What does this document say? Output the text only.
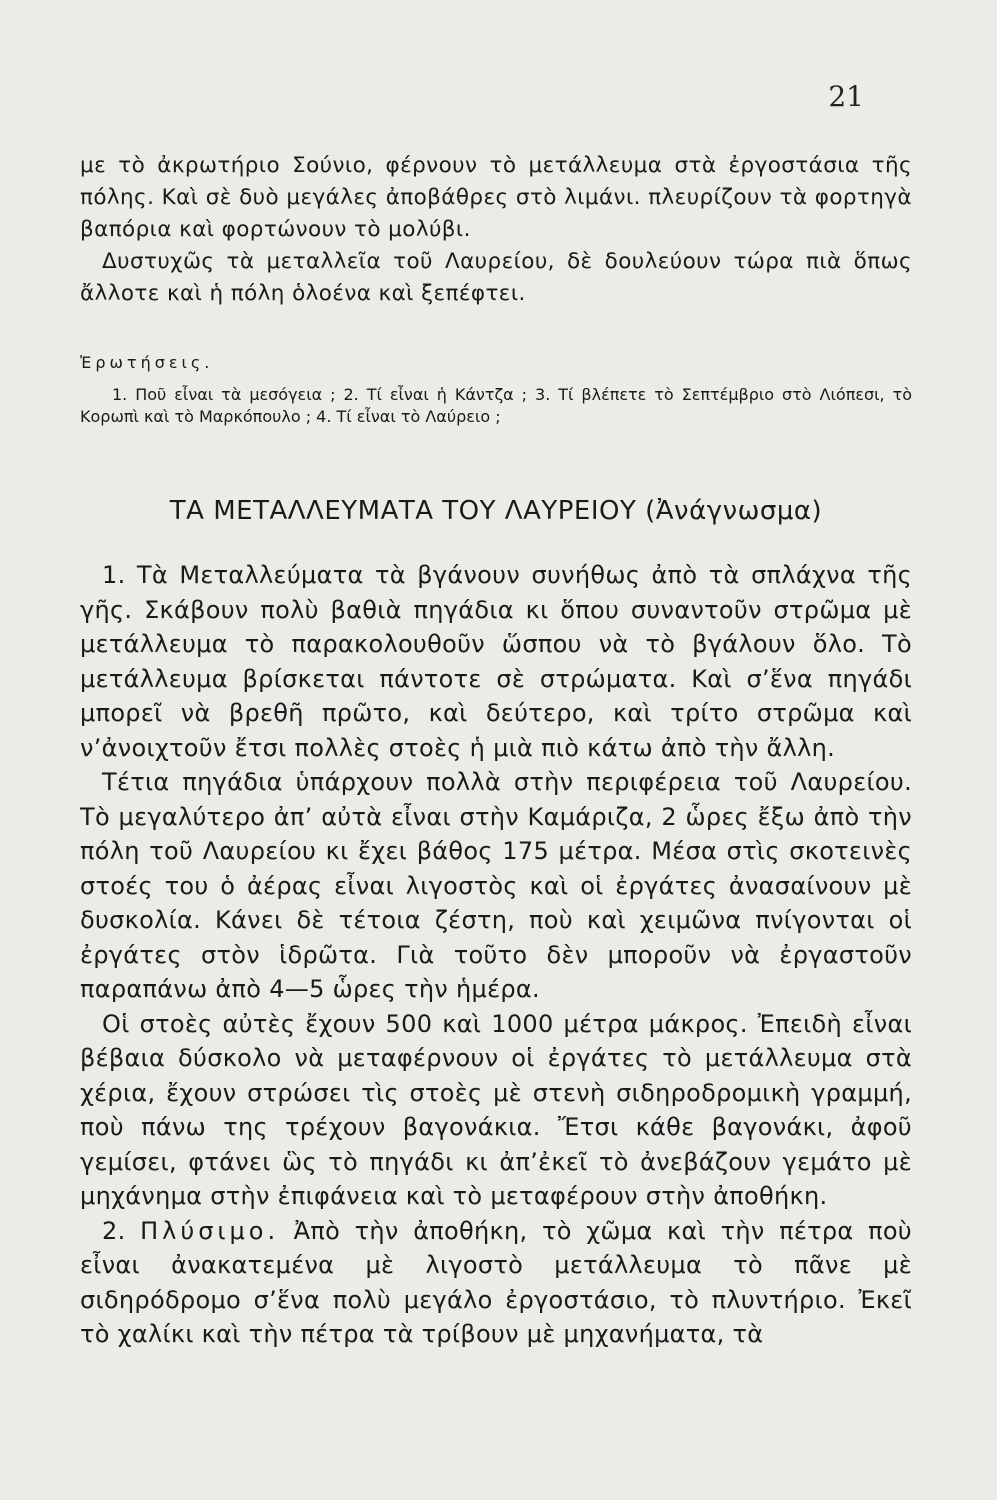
21

με τὸ ἀκρωτήριο Σούνιο, φέρνουν τὸ μετάλλευμα στὰ ἐργοστάσια τῆς πόλης. Καὶ σὲ δυὸ μεγάλες ἀποβάθρες στὸ λιμάνι. πλευρίζουν τὰ φορτηγὰ βαπόρια καὶ φορτώνουν τὸ μολύβι.

Δυστυχῶς τὰ μεταλλεῖα τοῦ Λαυρείου, δὲ δουλεύουν τώρα πιὰ ὅπως ἄλλοτε καὶ ἡ πόλη ὁλοένα καὶ ξεπέφτει.

Ἐρωτήσεις.

1. Ποῦ εἶναι τὰ μεσόγεια ; 2. Τί εἶναι ἡ Κάντζα ; 3. Τί βλέπετε τὸ Σεπτέμβριο στὸ Λιόπεσι, τὸ Κορωπὶ καὶ τὸ Μαρκόπουλο ; 4. Τί εἶναι τὸ Λαύρειο ;

ΤΑ ΜΕΤΑΛΛΕΥΜΑΤΑ ΤΟΥ ΛΑΥΡΕΙΟΥ (Ἀνάγνωσμα)

1. Τὰ Μεταλλεύματα τὰ βγάνουν συνήθως ἀπὸ τὰ σπλάχνα τῆς γῆς. Σκάβουν πολὺ βαθιὰ πηγάδια κι ὅπου συναντοῦν στρῶμα μὲ μετάλλευμα τὸ παρακολουθοῦν ὥσπου νὰ τὸ βγάλουν ὅλο. Τὸ μετάλλευμα βρίσκεται πάντοτε σὲ στρώματα. Καὶ σ’ἕνα πηγάδι μπορεῖ νὰ βρεθῆ πρῶτο, καὶ δεύτερο, καὶ τρίτο στρῶμα καὶ ν’ἀνοιχτοῦν ἔτσι πολλὲς στοὲς ἡ μιὰ πιὸ κάτω ἀπὸ τὴν ἄλλη.

Τέτια πηγάδια ὑπάρχουν πολλὰ στὴν περιφέρεια τοῦ Λαυρείου. Τὸ μεγαλύτερο ἀπ’ αὐτὰ εἶναι στὴν Καμάριζα, 2 ὧρες ἔξω ἀπὸ τὴν πόλη τοῦ Λαυρείου κι ἔχει βάθος 175 μέτρα. Μέσα στὶς σκοτεινὲς στοές του ὁ ἀέρας εἶναι λιγοστὸς καὶ οἱ ἐργάτες ἀνασαίνουν μὲ δυσκολία. Κάνει δὲ τέτοια ζέστη, ποὺ καὶ χειμῶνα πνίγονται οἱ ἐργάτες στὸν ἱδρῶτα. Γιὰ τοῦτο δὲν μποροῦν νὰ ἐργαστοῦν παραπάνω ἀπὸ 4—5 ὧρες τὴν ἡμέρα.

Οἱ στοὲς αὐτὲς ἔχουν 500 καὶ 1000 μέτρα μάκρος. Ἐπειδὴ εἶναι βέβαια δύσκολο νὰ μεταφέρνουν οἱ ἐργάτες τὸ μετάλλευμα στὰ χέρια, ἔχουν στρώσει τὶς στοὲς μὲ στενὴ σιδηροδρομικὴ γραμμή, ποὺ πάνω της τρέχουν βαγονάκια. Ἔτσι κάθε βαγονάκι, ἀφοῦ γεμίσει, φτάνει ὣς τὸ πηγάδι κι ἀπ’ἐκεῖ τὸ ἀνεβάζουν γεμάτο μὲ μηχάνημα στὴν ἐπιφάνεια καὶ τὸ μεταφέρουν στὴν ἀποθήκη.

2. Πλύσιμο. Ἀπὸ τὴν ἀποθήκη, τὸ χῶμα καὶ τὴν πέτρα ποὺ εἶναι ἀνακατεμένα μὲ λιγοστὸ μετάλλευμα τὸ πᾶνε μὲ σιδηρόδρομο σ’ἕνα πολὺ μεγάλο ἐργοστάσιο, τὸ πλυντήριο. Ἐκεῖ τὸ χαλίκι καὶ τὴν πέτρα τὰ τρίβουν μὲ μηχανήματα, τὰ
